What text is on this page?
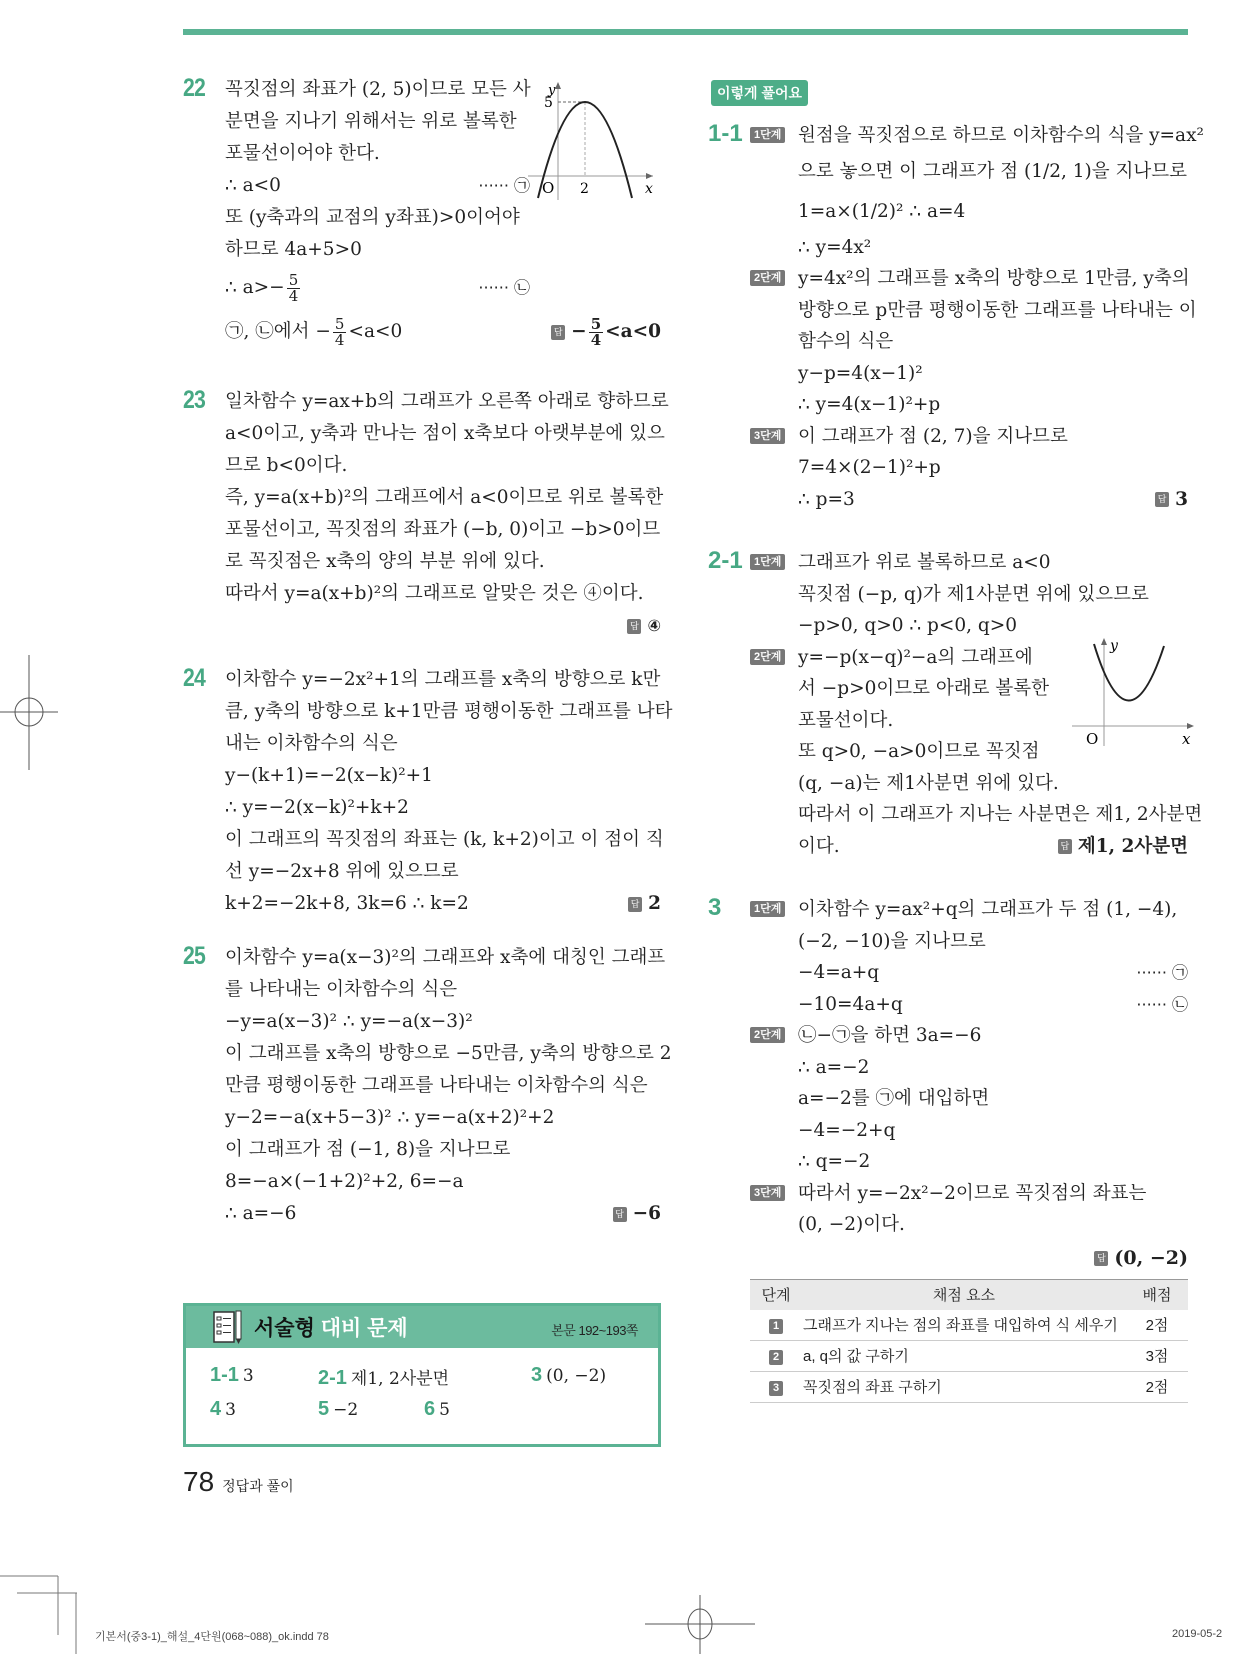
22 꼭짓점의 좌표가 (2, 5)이므로 모든 사
분면을 지나기 위해서는 위로 볼록한
포물선이어야 한다.
∴ a<0	······ ㉠
또 (y축과의 교점의 y좌표)>0이어야
하므로 4a+5>0
∴ $a>- \frac{5}{4}$	······ ㉡
㉠, ㉡에서 − $\frac{5}{4} <a<0$	답 − $\frac{5}{4} <a<0$
y
5
O 2	x
23 일차함수 y=ax+b의 그래프가 오른쪽 아래로 향하므로
a<0이고, y축과 만나는 점이 x축보다 아랫부분에 있으
므로 b<0이다.
즉, y=a(x+b)²의 그래프에서 a<0이므로 위로 볼록한
포물선이고, 꼭짓점의 좌표가 (−b, 0)이고 −b>0이므
로 꼭짓점은 x축의 양의 부분 위에 있다.
따라서 y=a(x+b)²의 그래프로 알맞은 것은 ④이다.
답 ④
24 이차함수 y=−2x²+1의 그래프를 x축의 방향으로 k만
큼, y축의 방향으로 k+1만큼 평행이동한 그래프를 나타
내는 이차함수의 식은
y−(k+1)=−2(x−k)²+1
∴ y=−2(x−k)²+k+2
이 그래프의 꼭짓점의 좌표는 (k, k+2)이고 이 점이 직
선 y=−2x+8 위에 있으므로
k+2=−2k+8, 3k=6 ∴ k=2	답 2
25 이차함수 y=a(x−3)²의 그래프와 x축에 대칭인 그래프
를 나타내는 이차함수의 식은
−y=a(x−3)² ∴ y=−a(x−3)²
이 그래프를 x축의 방향으로 −5만큼, y축의 방향으로 2
만큼 평행이동한 그래프를 나타내는 이차함수의 식은
y−2=−a(x+5−3)² ∴ y=−a(x+2)²+2
이 그래프가 점 (−1, 8)을 지나므로
8=−a×(−1+2)²+2, 6=−a
∴ a=−6	답 −6
서술형 대비 문제	본문 192~193쪽
1-1 3	2-1 제1, 2사분면	3 (0, −2)
4 3	5 −2	6 5
78 정답과 풀이
이렇게 풀어요
1-1	1단계 원점을 꼭짓점으로 하므로 이차함수의 식을 y=ax²
으로 놓으면 이 그래프가 점 (1/2, 1)을 지나므로
1=a×(1/2)² ∴ a=4
∴ y=4x²
2단계 y=4x²의 그래프를 x축의 방향으로 1만큼, y축의
방향으로 p만큼 평행이동한 그래프를 나타내는 이
함수의 식은
y−p=4(x−1)²
∴ y=4(x−1)²+p
3단계 이 그래프가 점 (2, 7)을 지나므로
7=4×(2−1)²+p
∴ p=3	답 3
2-1	1단계 그래프가 위로 볼록하므로 a<0
꼭짓점 (−p, q)가 제1사분면 위에 있으므로
−p>0, q>0 ∴ p<0, q>0
2단계 y=−p(x−q)²−a의 그래프에
서 −p>0이므로 아래로 볼록한
포물선이다.
또 q>0, −a>0이므로 꼭짓점
(q, −a)는 제1사분면 위에 있다.
따라서 이 그래프가 지나는 사분면은 제1, 2사분면
이다.	답 제1, 2사분면
y
O	x
3	1단계 이차함수 y=ax²+q의 그래프가 두 점 (1, −4),
(−2, −10)을 지나므로
−4=a+q	······ ㉠
−10=4a+q	······ ㉡
2단계 ㉡−㉠을 하면 3a=−6
∴ a=−2
a=−2를 ㉠에 대입하면
−4=−2+q
∴ q=−2
3단계 따라서 y=−2x²−2이므로 꼭짓점의 좌표는
(0, −2)이다.
답 (0, −2)
단계	채점 요소	배점
1	그래프가 지나는 점의 좌표를 대입하여 식 세우기	2점
2	a, q의 값 구하기	3점
3	꼭짓점의 좌표 구하기	2점
기본서(중3-1)_해설_4단원(068~088)_ok.indd 78	2019-05-2
